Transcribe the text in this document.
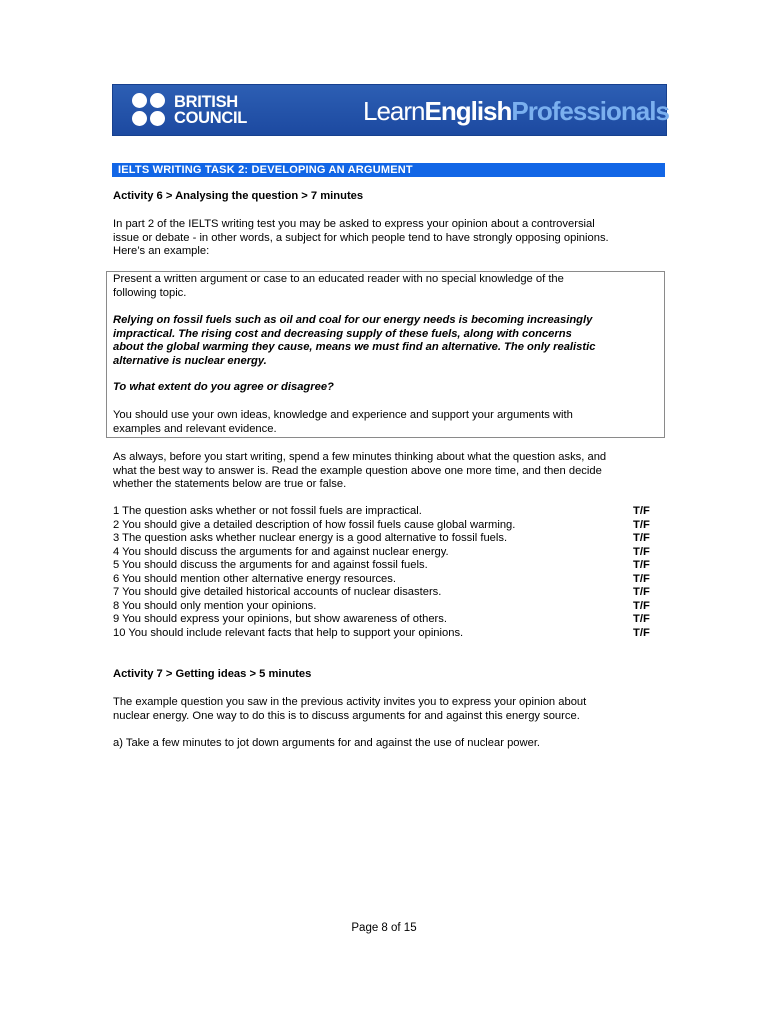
BRITISH
COUNCIL	LearnEnglishProfessionals
IELTS WRITING TASK 2: DEVELOPING AN ARGUMENT
Activity 6 > Analysing the question > 7 minutes
In part 2 of the IELTS writing test you may be asked to express your opinion about a controversial
issue or debate - in other words, a subject for which people tend to have strongly opposing opinions.
Here’s an example:
Present a written argument or case to an educated reader with no special knowledge of the
following topic.
Relying on fossil fuels such as oil and coal for our energy needs is becoming increasingly
impractical. The rising cost and decreasing supply of these fuels, along with concerns
about the global warming they cause, means we must find an alternative. The only realistic
alternative is nuclear energy.
To what extent do you agree or disagree?
You should use your own ideas, knowledge and experience and support your arguments with
examples and relevant evidence.
As always, before you start writing, spend a few minutes thinking about what the question asks, and
what the best way to answer is. Read the example question above one more time, and then decide
whether the statements below are true or false.
1 The question asks whether or not fossil fuels are impractical.	T/F
2 You should give a detailed description of how fossil fuels cause global warming.	T/F
3 The question asks whether nuclear energy is a good alternative to fossil fuels.	T/F
4 You should discuss the arguments for and against nuclear energy.	T/F
5 You should discuss the arguments for and against fossil fuels.	T/F
6 You should mention other alternative energy resources.	T/F
7 You should give detailed historical accounts of nuclear disasters.	T/F
8 You should only mention your opinions.	T/F
9 You should express your opinions, but show awareness of others.	T/F
10 You should include relevant facts that help to support your opinions.	T/F
Activity 7 > Getting ideas > 5 minutes
The example question you saw in the previous activity invites you to express your opinion about
nuclear energy. One way to do this is to discuss arguments for and against this energy source.
a) Take a few minutes to jot down arguments for and against the use of nuclear power.
Page 8 of 15
